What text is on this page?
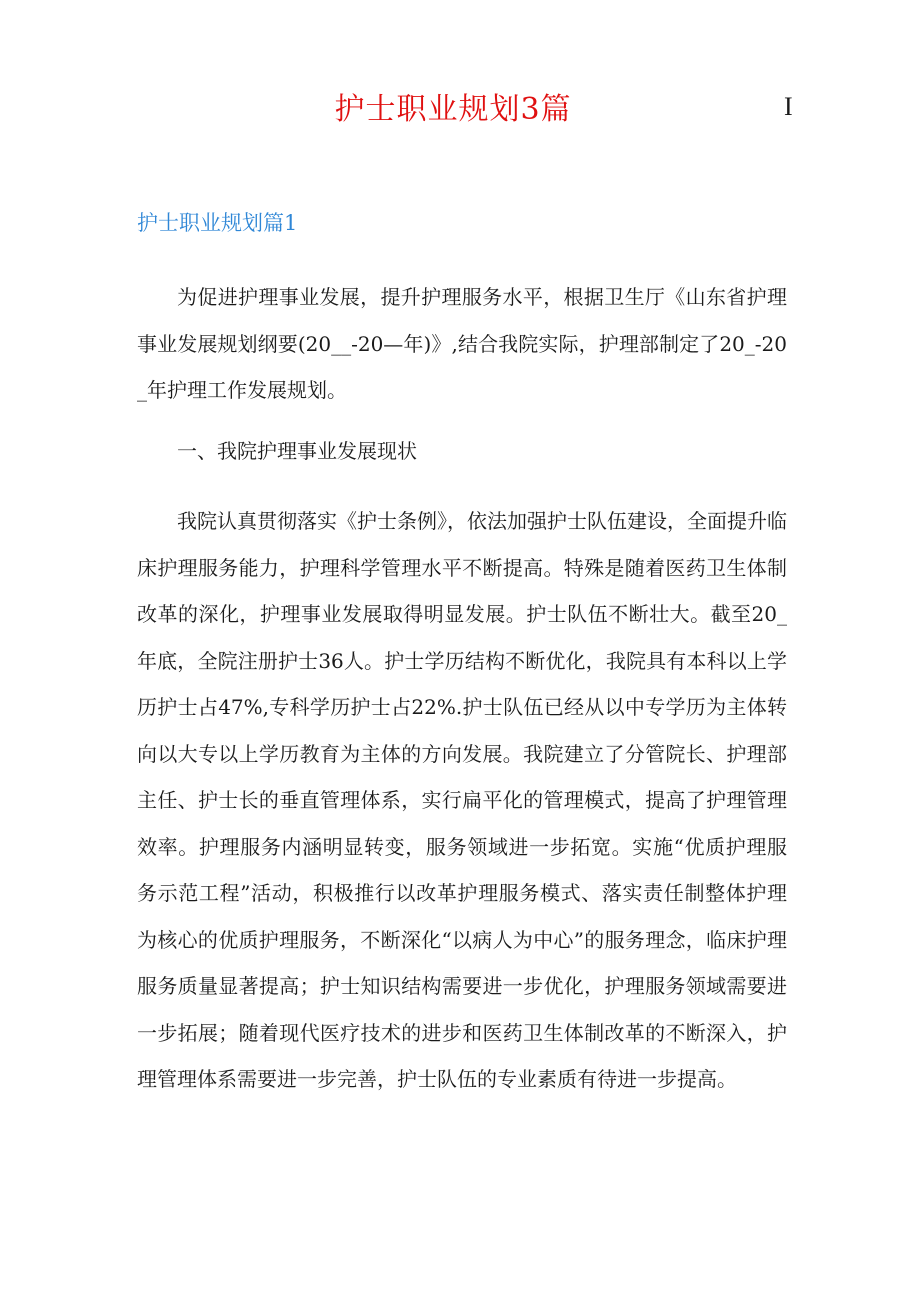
护士职业规划3篇	I
护士职业规划篇1

为促进护理事业发展，提升护理服务水平，根据卫生厅《山东省护理事业发展规划纲要(20__-20—年)》,结合我院实际，护理部制定了20_-20_年护理工作发展规划。

一、我院护理事业发展现状

我院认真贯彻落实《护士条例》，依法加强护士队伍建设，全面提升临床护理服务能力，护理科学管理水平不断提高。特殊是随着医药卫生体制改革的深化，护理事业发展取得明显发展。护士队伍不断壮大。截至20_年底，全院注册护士36人。护士学历结构不断优化，我院具有本科以上学历护士占47%,专科学历护士占22%.护士队伍已经从以中专学历为主体转向以大专以上学历教育为主体的方向发展。我院建立了分管院长、护理部主任、护士长的垂直管理体系，实行扁平化的管理模式，提高了护理管理效率。护理服务内涵明显转变，服务领域进一步拓宽。实施“优质护理服务示范工程”活动，积极推行以改革护理服务模式、落实责任制整体护理为核心的优质护理服务，不断深化“以病人为中心”的服务理念，临床护理服务质量显著提高；护士知识结构需要进一步优化，护理服务领域需要进一步拓展；随着现代医疗技术的进步和医药卫生体制改革的不断深入，护理管理体系需要进一步完善，护士队伍的专业素质有待进一步提高。
